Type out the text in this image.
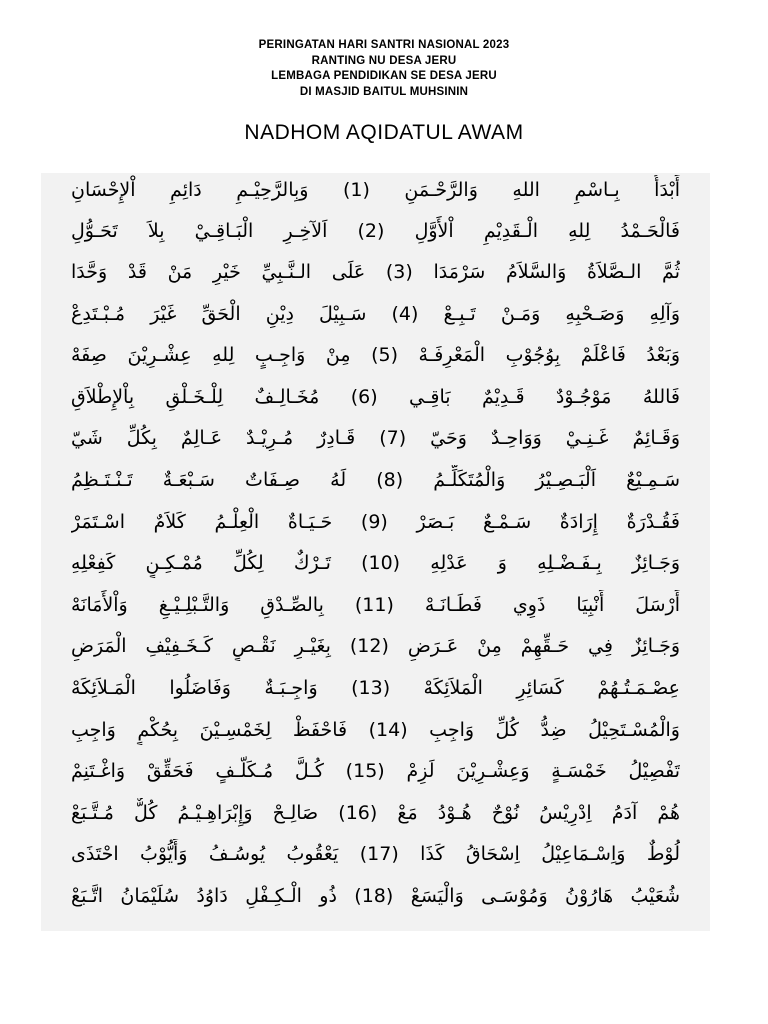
PERINGATAN HARI SANTRI NASIONAL 2023
RANTING NU DESA JERU
LEMBAGA PENDIDIKAN SE DESA JERU
DI MASJID BAITUL MUHSININ
NADHOM AQIDATUL AWAM
أَبْدَأُ بِـاسْمِ اللهِ وَالرَّحْـمَنِ (1) وَبِالرَّحِيْـمِ دَائِمِ اْلإِحْسَانِ
فَالْحَـمْدُ لِلهِ الْـقَدِيْمِ اْلأَوَّلِ (2) اَلآخِـرِ الْبَـاقِـيْ بِلاَ تَحَـوُّلِ
ثُمَّ الـصَّلاَةُ وَالسَّلاَمُ سَرْمَدَا (3) عَلَى الـنَّـبِيِّ خَيْرِ مَنْ قَدْ وَحَّدَا
وَآلِهِ وَصَـحْبِهِ وَمَـنْ تَـبِـعْ (4) سَـبِيْلَ دِيْنِ الْحَقِّ غَيْرَ مُـبْـتَدِعْ
وَبَعْدُ فَاعْلَمْ بِوُجُوْبِ الْمَعْرِفَـهْ (5) مِنْ وَاجِـبٍ لِلهِ عِشْـرِيْنَ صِفَهْ
فَاللهُ مَوْجُـوْدٌ قَـدِيْمٌ بَاقِـي (6) مُخَـالِـفٌ لِلْـخَـلْقِ بِاْلإِطْلاَقِ
وَقَـائِمٌ غَـنِـيْ وَوَاحِـدٌ وَحَيّ (7) قَـادِرٌ مُـرِيْـدٌ عَـالِمٌ بِكُلِّ شَيّ
سَـمِـيْعٌ اَلْبَـصِـيْرُ وَالْمُتَكَلِّـمُ (8) لَهُ صِـفَاتٌ سَـبْعَـةٌ تَـنْـتَـظِمُ
فَقُـدْرَةٌ إِرَادَةٌ سَـمْـعٌ بَـصَرْ (9) حَـيَـاةٌ الْعِلْـمُ كَلاَمٌ اسْـتَمَرْ
وَجَـائِزٌ بِـفَـضْـلِهِ وَ عَدْلِهِ (10) تَـرْكٌ لِكُلِّ مُمْـكِـنٍ كَفِعْلِهِ
أَرْسَلَ أَنْبِيَا ذَوِي فَطَـانَـهْ (11) بِالصِّـدْقِ وَالتَّـبْلِـيْـغِ وَاْلأَمَانَهْ
وَجَـائِزٌ فِي حَـقِّهِمْ مِنْ عَـرَضِ (12) بِغَيْـرِ نَقْـصٍ كَـخَـفِيْفِ الْمَرَضِ
عِصْـمَـتُـهُمْ كَسَائِرِ الْمَلاَئِكَهْ (13) وَاجِـبَـةٌ وَفَاضَلُوا الْمَـلاَئِكَهْ
وَالْمُسْـتَحِيْلُ ضِدُّ كُلِّ وَاجِبِ (14) فَاحْفَظْ لِخَمْسِـيْنَ بِحُكْمٍ وَاجِبِ
تَفْصِيْلُ خَمْسَـةٍ وَعِشْـرِيْنَ لَزِمْ (15) كُـلَّ مُـكَلَّـفٍ فَحَقِّقْ وَاغْـتَنِمْ
هُمْ آدَمُ اِدْرِيْسُ نُوْحٌ هُـوْدُ مَعْ (16) صَالِـحْ وَإِبْرَاهِـيْـمُ كُلٌّ مُـتَّـبَعْ
لُوْطٌ وَاِسْـمَاعِيْلُ اِسْحَاقُ كَذَا (17) يَعْقُوبُ يُوسُـفُ وَأَيُّوْبُ احْتَذَى
شُعَيْبُ هَارُوْنُ وَمُوْسَـى وَالْيَسَعْ (18) ذُو الْـكِـفْلِ دَاوُدُ سُلَيْمَانُ اتَّـبَعْ
